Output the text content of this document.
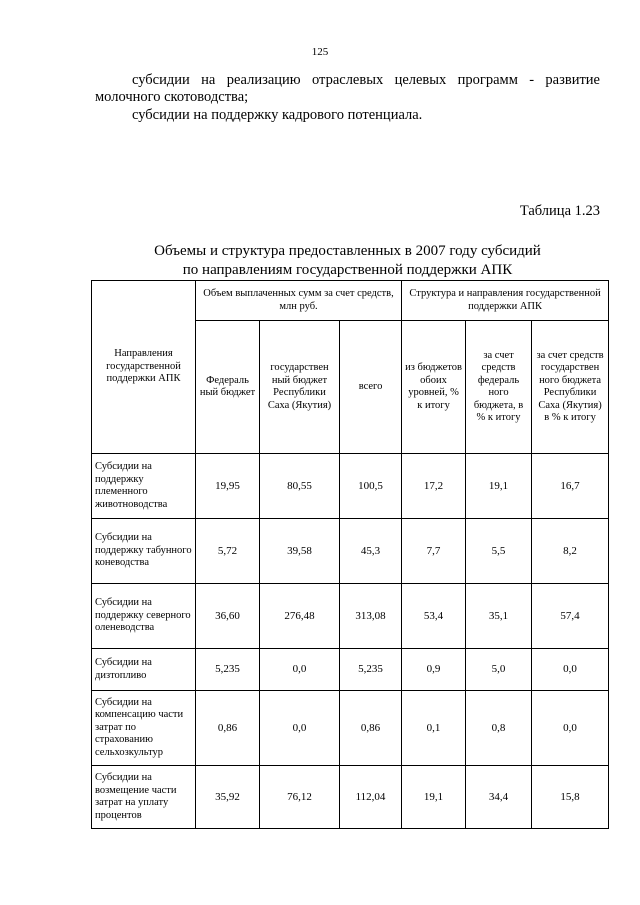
125
субсидии на реализацию отраслевых целевых программ - развитие молочного скотоводства;
субсидии на поддержку кадрового потенциала.
Таблица 1.23
Объемы и структура предоставленных в 2007 году субсидий
по направлениям государственной поддержки АПК
Направления государственной поддержки АПК	Объем выплаченных сумм за счет средств, млн руб.			Структура и направления государственной поддержки АПК		
	Федераль ный бюджет	государствен ный бюджет Республики Саха (Якутия)	всего	из бюджетов обоих уровней, % к итогу	за счет средств федераль ного бюджета, в % к итогу	за счет средств государствен ного бюджета Республики Саха (Якутия) в % к итогу
Субсидии на поддержку племенного животноводства	19,95	80,55	100,5	17,2	19,1	16,7
Субсидии на поддержку табунного коневодства	5,72	39,58	45,3	7,7	5,5	8,2
Субсидии на поддержку северного оленеводства	36,60	276,48	313,08	53,4	35,1	57,4
Субсидии на дизтопливо	5,235	0,0	5,235	0,9	5,0	0,0
Субсидии на компенсацию части затрат по страхованию сельхозкультур	0,86	0,0	0,86	0,1	0,8	0,0
Субсидии на возмещение части затрат на уплату процентов	35,92	76,12	112,04	19,1	34,4	15,8
